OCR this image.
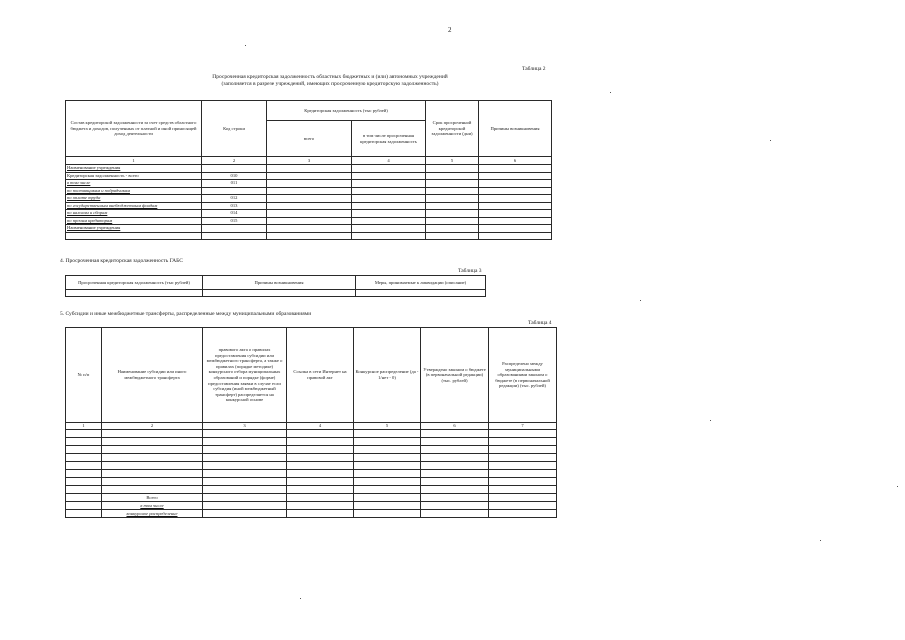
2
Таблица 2
Просроченная кредиторская задолженность областных бюджетных и (или) автономных учреждений
(заполняется в разрезе учреждений, имеющих просроченную кредиторскую задолженность)
Состав кредиторской задолженности за счет средств областного бюджета и доходов, полученных от платной и иной приносящей доход деятельности	Код строки	Кредиторская задолженность (тыс рублей)		Срок просроченной кредиторской задолженности (дни)	Причины возникновения
		всего	в том числе просроченная кредиторская задолженность		
1	2	3	4	5	6
Наименование учреждения					
Кредиторская задолженность - всего	010				
в том числе	011				
по поставщикам и подрядчикам					
по оплате труда	012				
по государственным внебюджетным фондам	013				
по налогам и сборам	014				
по прочим кредиторам	015				
Наименование учреждения					

4. Просроченная кредиторская задолженность ГАБС
Таблица 3
Просроченная кредиторская задолженность (тыс рублей)	Причины возникновения	Меры, принимаемые к ликвидации (описание)

5. Субсидии и иные межбюджетные трансферты, распределенные между муниципальными образованиями
Таблица 4
№ п/п	Наименование субсидии или иного межбюджетного трансферта	правового акта о правилах предоставления субсидии или межбюджетного трансферта, а также о правилах (порядке методике) конкурсного отбора муниципальных образований и порядке (форме) предоставления заявки в случае если субсидия (иной межбюджетный трансферт) распределяется на конкурсной основе	Ссылка в сети Интернет на правовой акт	Конкурсное распределение (да - 1/нет - 0)	Утверждено законом о бюджете (в первоначальной редакции) (тыс. рублей)	Распределено между муниципальными образованиями законом о бюджете (в первоначальной редакции) (тыс. рублей)
1	2	3	4	5	6	7

	Всего					
	в том числе					
	конкурсное распределение					
